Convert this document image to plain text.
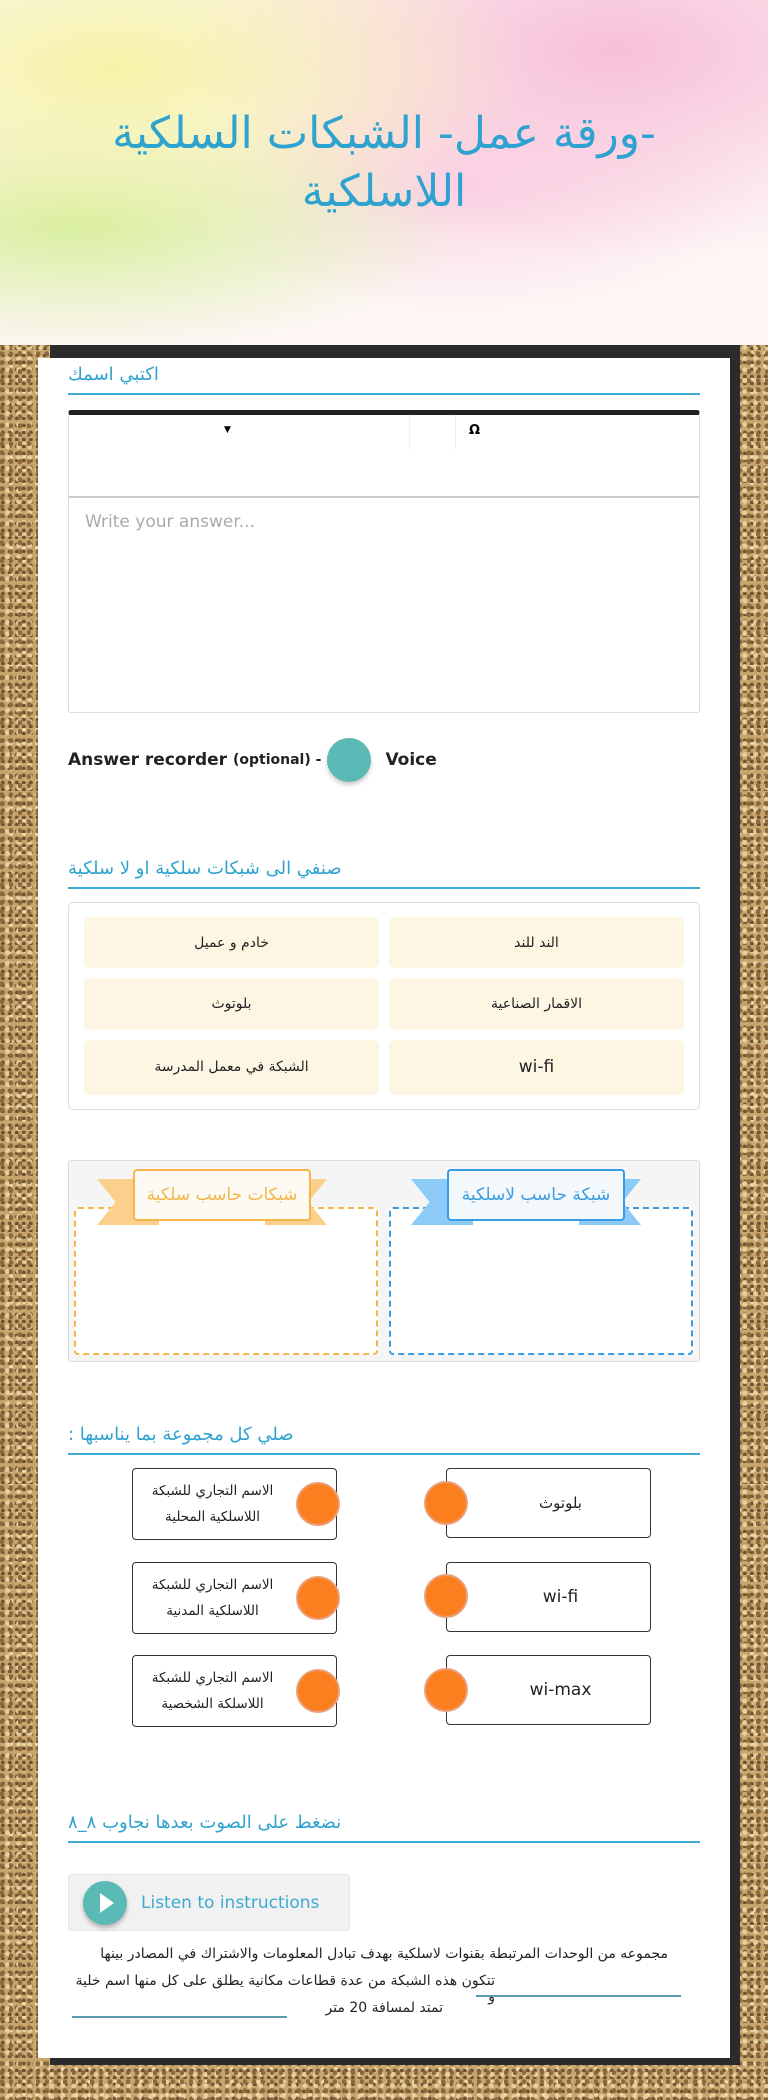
-ورقة عمل- الشبكات السلكية اللاسلكية
اكتبي اسمك
▼	Ω
Write your answer...
Answer recorder
(optional) -	Voice
صنفي الى شبكات سلكية او لا سلكية
خادم و عميل	الند للند
بلوتوث	الاقمار الصناعية
الشبكة في معمل المدرسة	wi-fi
شبكات حاسب سلكية	شبكة حاسب لاسلكية
صلي كل مجموعة بما يناسبها :
الاسم التجاري للشبكة اللاسلكية المحلية
بلوتوث
الاسم التجاري للشبكة اللاسلكية المدنية
wi-fi
الاسم التجاري للشبكة اللاسلكة الشخصية
wi-max
نضغط على الصوت بعدها نجاوب ٨_٨
Listen to instructions
مجموعه من الوحدات المرتبطة بقنوات لاسلكية بهدف تبادل المعلومات والاشتراك في المصادر بينها
تتكون هذه الشبكة من عدة قطاعات مكانية يطلق على كل منها اسم خلية و
تمتد لمسافة 20 متر
